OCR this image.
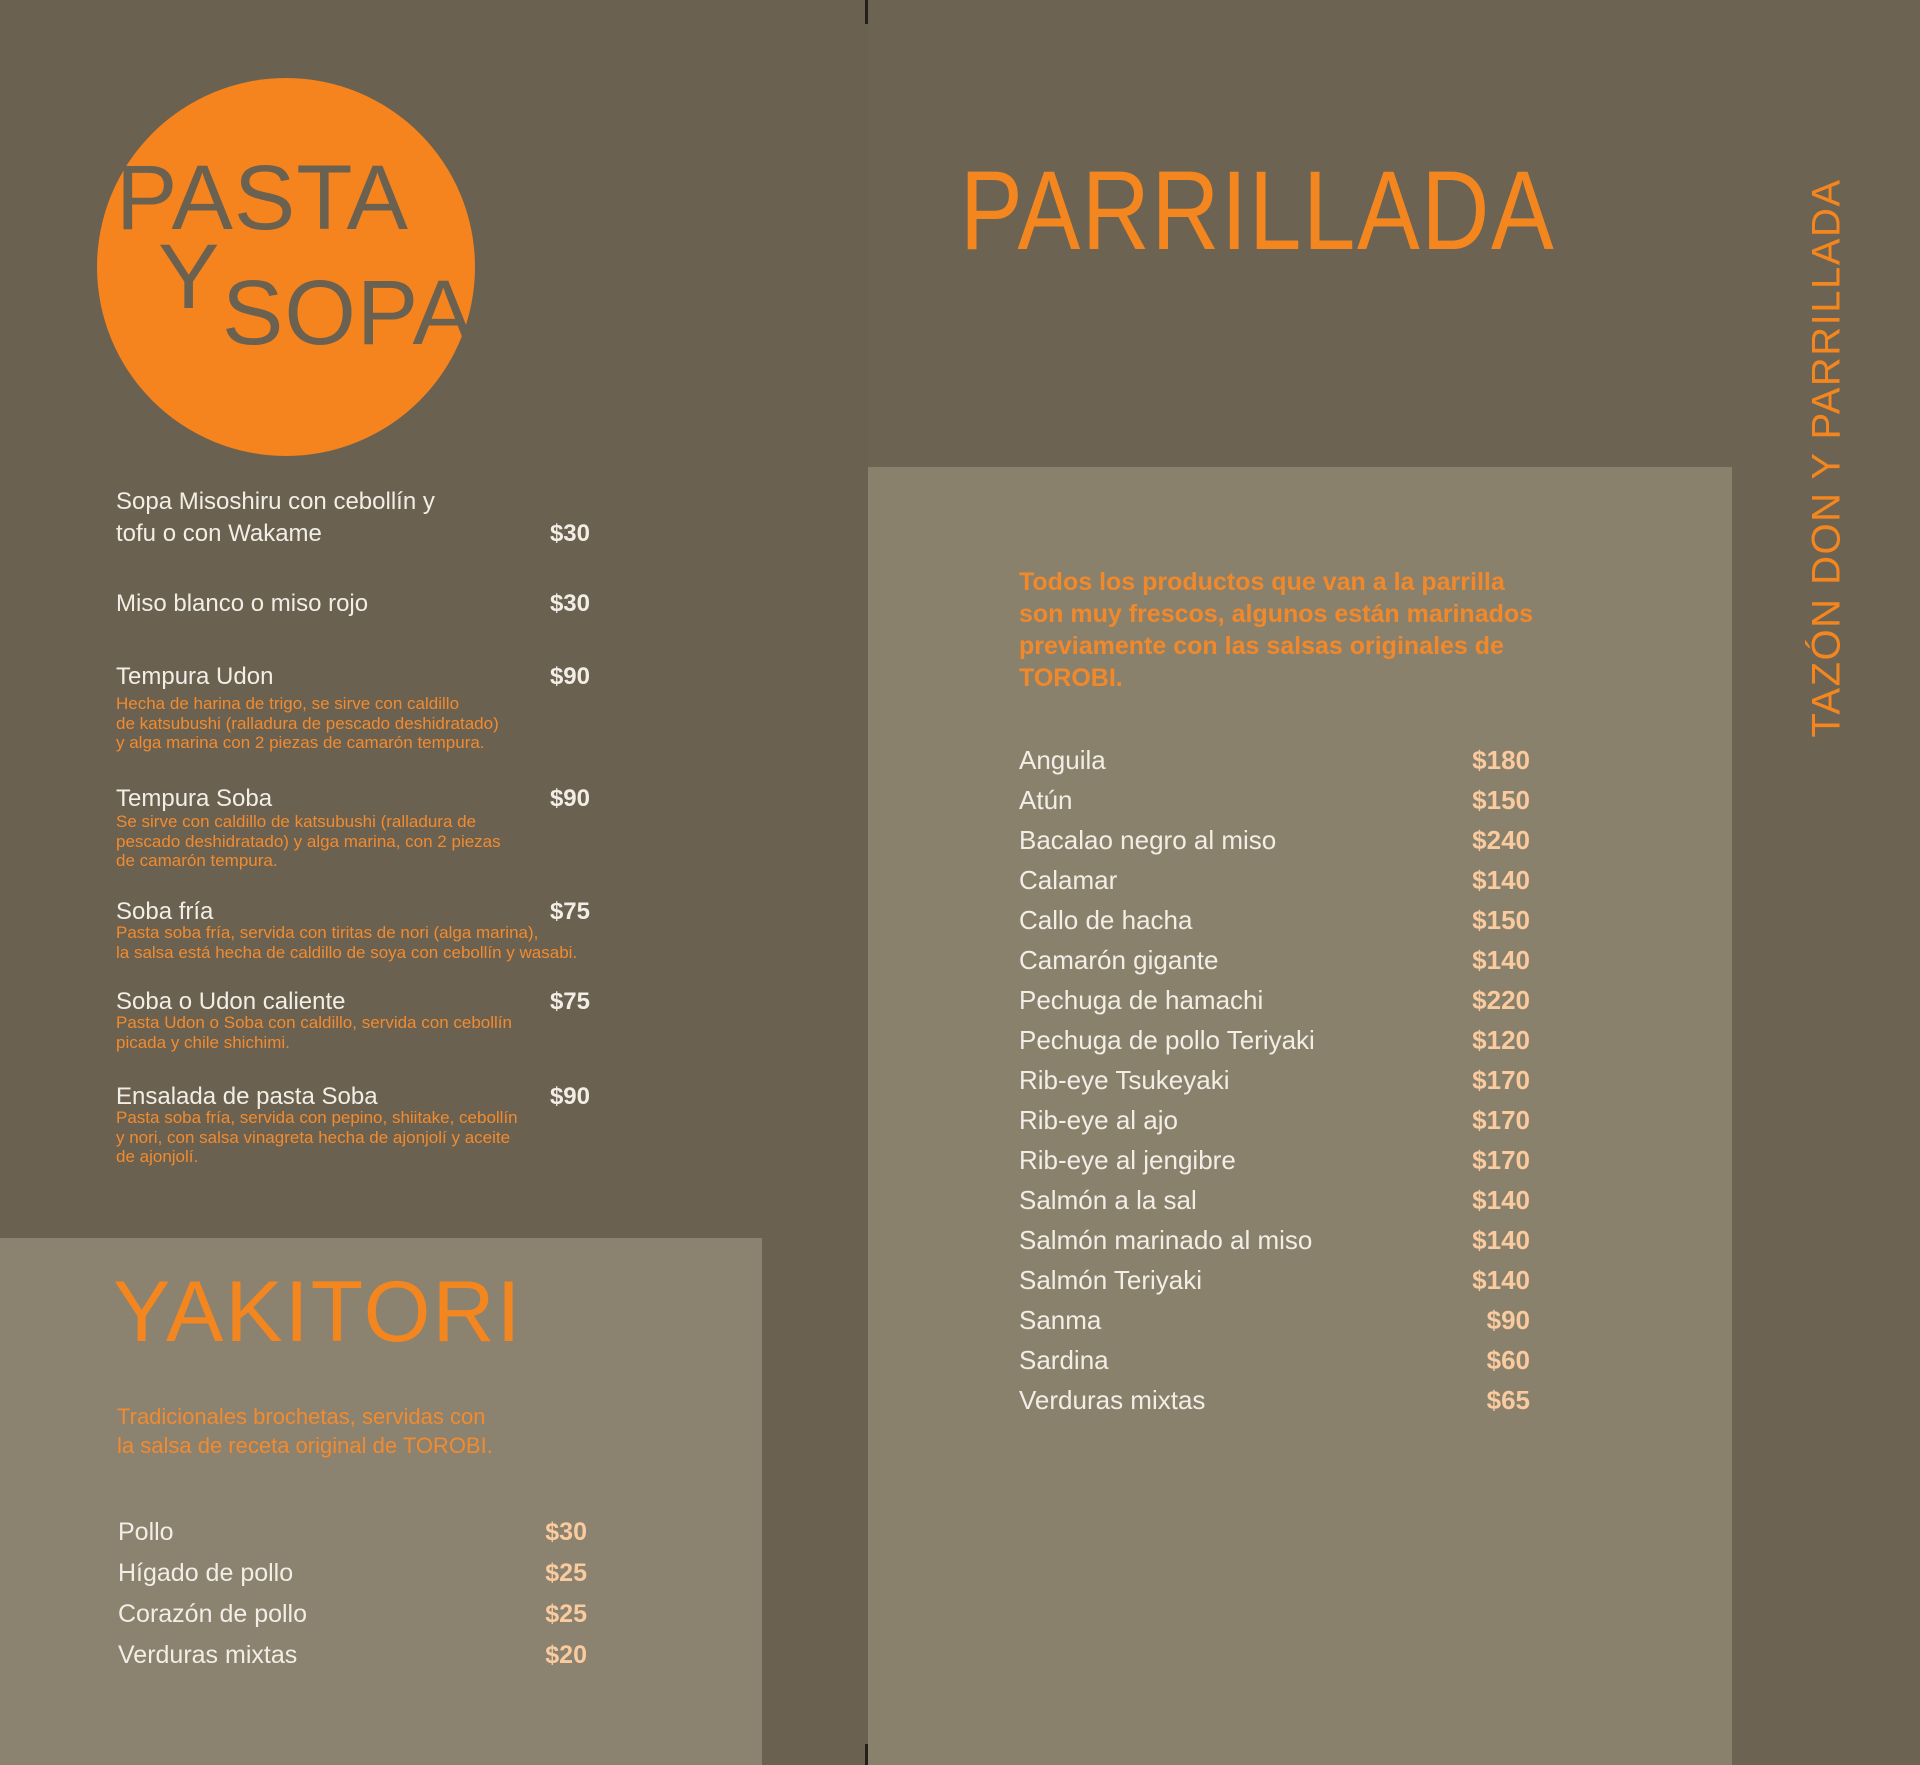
PASTA
Y SOPA
Sopa Misoshiru con cebollín y
tofu o con Wakame	$30
Miso blanco o miso rojo	$30
Tempura Udon	$90
Hecha de harina de trigo, se sirve con caldillo
de katsubushi (ralladura de pescado deshidratado)
y alga marina con 2 piezas de camarón tempura.
Tempura Soba	$90
Se sirve con caldillo de katsubushi (ralladura de
pescado deshidratado) y alga marina, con 2 piezas
de camarón tempura.
Soba fría	$75
Pasta soba fría, servida con tiritas de nori (alga marina),
la salsa está hecha de caldillo de soya con cebollín y wasabi.
Soba o Udon caliente	$75
Pasta Udon o Soba con caldillo, servida con cebollín
picada y chile shichimi.
Ensalada de pasta Soba	$90
Pasta soba fría, servida con pepino, shiitake, cebollín
y nori, con salsa vinagreta hecha de ajonjolí y aceite
de ajonjolí.
YAKITORI
Tradicionales brochetas, servidas con
la salsa de receta original de TOROBI.
Pollo	$30
Hígado de pollo	$25
Corazón de pollo	$25
Verduras mixtas	$20
PARRILLADA
Todos los productos que van a la parrilla
son muy frescos, algunos están marinados
previamente con las salsas originales de
TOROBI.
Anguila	$180
Atún	$150
Bacalao negro al miso	$240
Calamar	$140
Callo de hacha	$150
Camarón gigante	$140
Pechuga de hamachi	$220
Pechuga de pollo Teriyaki	$120
Rib-eye Tsukeyaki	$170
Rib-eye al ajo	$170
Rib-eye al jengibre	$170
Salmón a la sal	$140
Salmón marinado al miso	$140
Salmón Teriyaki	$140
Sanma	$90
Sardina	$60
Verduras mixtas	$65
TAZÓN DON Y PARRILLADA
